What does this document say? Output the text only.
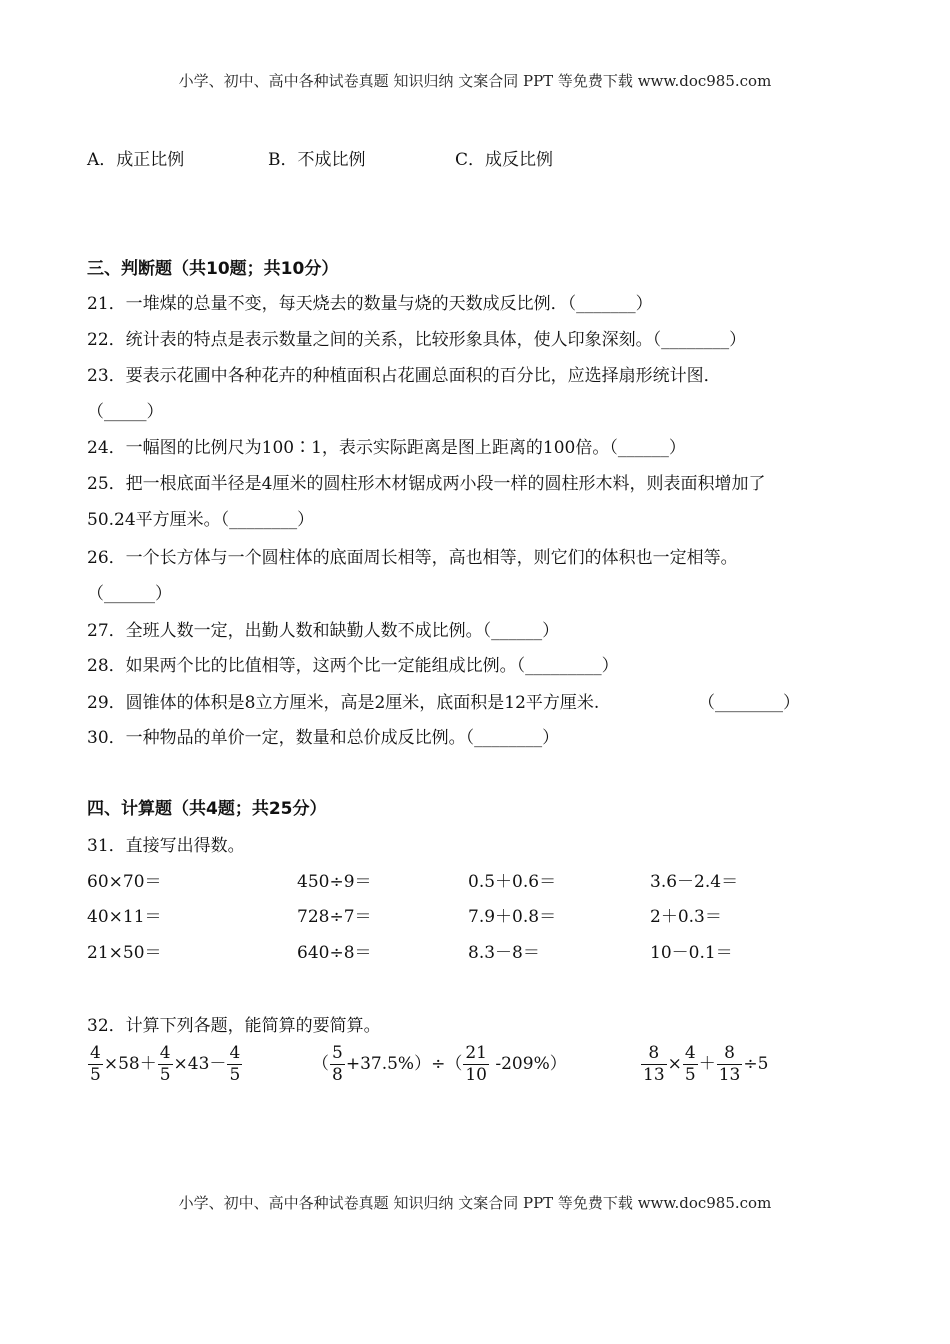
小学、初中、高中各种试卷真题 知识归纳 文案合同 PPT 等免费下载 www.doc985.com
A．成正比例	B．不成比例	C．成反比例
三、判断题（共10题；共10分）
21．一堆煤的总量不变，每天烧去的数量与烧的天数成反比例．（_______）
22．统计表的特点是表示数量之间的关系，比较形象具体，使人印象深刻。（________）
23．要表示花圃中各种花卉的种植面积占花圃总面积的百分比，应选择扇形统计图．
（_____）
24．一幅图的比例尺为100∶1，表示实际距离是图上距离的100倍。（______）
25．把一根底面半径是4厘米的圆柱形木材锯成两小段一样的圆柱形木料，则表面积增加了
50.24平方厘米。（________）
26．一个长方体与一个圆柱体的底面周长相等，高也相等，则它们的体积也一定相等。
（______）
27．全班人数一定，出勤人数和缺勤人数不成比例。（______）
28．如果两个比的比值相等，这两个比一定能组成比例。（_________）
29．圆锥体的体积是8立方厘米，高是2厘米，底面积是12平方厘米.	（________）
30．一种物品的单价一定，数量和总价成反比例。（________）
四、计算题（共4题；共25分）
31．直接写出得数。
60×70＝	450÷9＝	0.5＋0.6＝	3.6－2.4＝
40×11＝	728÷7＝	7.9＋0.8＝	2＋0.3＝
21×50＝	640÷8＝	8.3－8＝	10－0.1＝
32．计算下列各题，能简算的要简算。
$\frac{4}{5} \times 58+ \frac{4}{5} \times 43- \frac{4}{5}$	（ $\frac{5}{8} +37.5\%)\div( \frac{21}{10} -209\%)$	$\frac{8}{13} \times \frac{4}{5} + \frac{8}{13} \div 5$
小学、初中、高中各种试卷真题 知识归纳 文案合同 PPT 等免费下载 www.doc985.com
